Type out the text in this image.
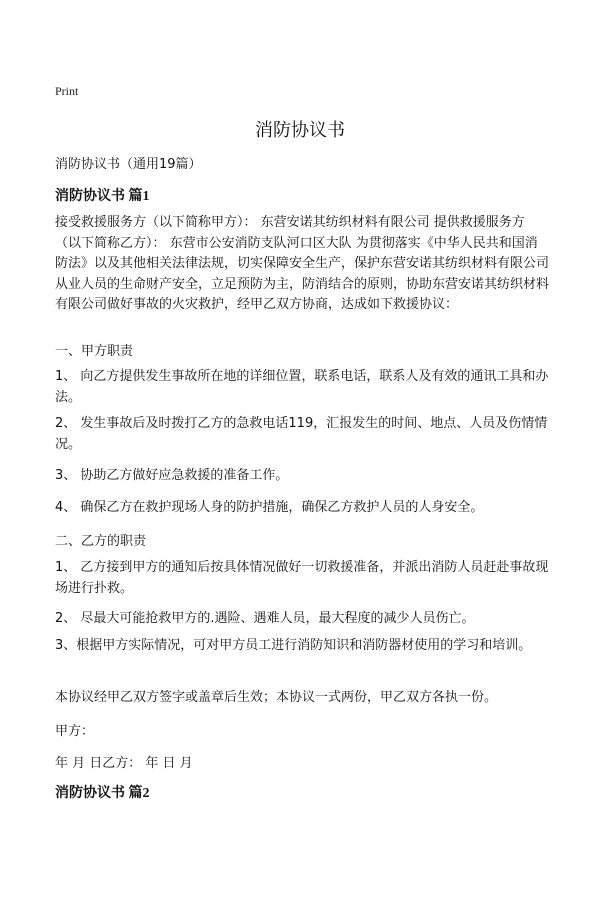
Print
消防协议书
消防协议书（通用19篇）
消防协议书 篇1

接受救援服务方（以下简称甲方）： 东营安诺其纺织材料有限公司 提供救援服务方（以下简称乙方）： 东营市公安消防支队河口区大队 为贯彻落实《中华人民共和国消防法》以及其他相关法律法规，切实保障安全生产，保护东营安诺其纺织材料有限公司从业人员的生命财产安全，立足预防为主，防消结合的原则，协助东营安诺其纺织材料有限公司做好事故的火灾救护，经甲乙双方协商，达成如下救援协议：

一、甲方职责

1、 向乙方提供发生事故所在地的详细位置，联系电话，联系人及有效的通讯工具和办法。

2、 发生事故后及时拨打乙方的急救电话119，汇报发生的时间、地点、人员及伤情情况。

3、 协助乙方做好应急救援的准备工作。
4、 确保乙方在救护现场人身的防护措施，确保乙方救护人员的人身安全。
二、乙方的职责

1、 乙方接到甲方的通知后按具体情况做好一切救援准备，并派出消防人员赶赴事故现场进行扑救。

2、 尽最大可能抢救甲方的.遇险、遇难人员，最大程度的减少人员伤亡。

3、根据甲方实际情况，可对甲方员工进行消防知识和消防器材使用的学习和培训。

本协议经甲乙双方签字或盖章后生效；本协议一式两份，甲乙双方各执一份。
甲方：
年 月 日乙方： 年 日 月
消防协议书 篇2
